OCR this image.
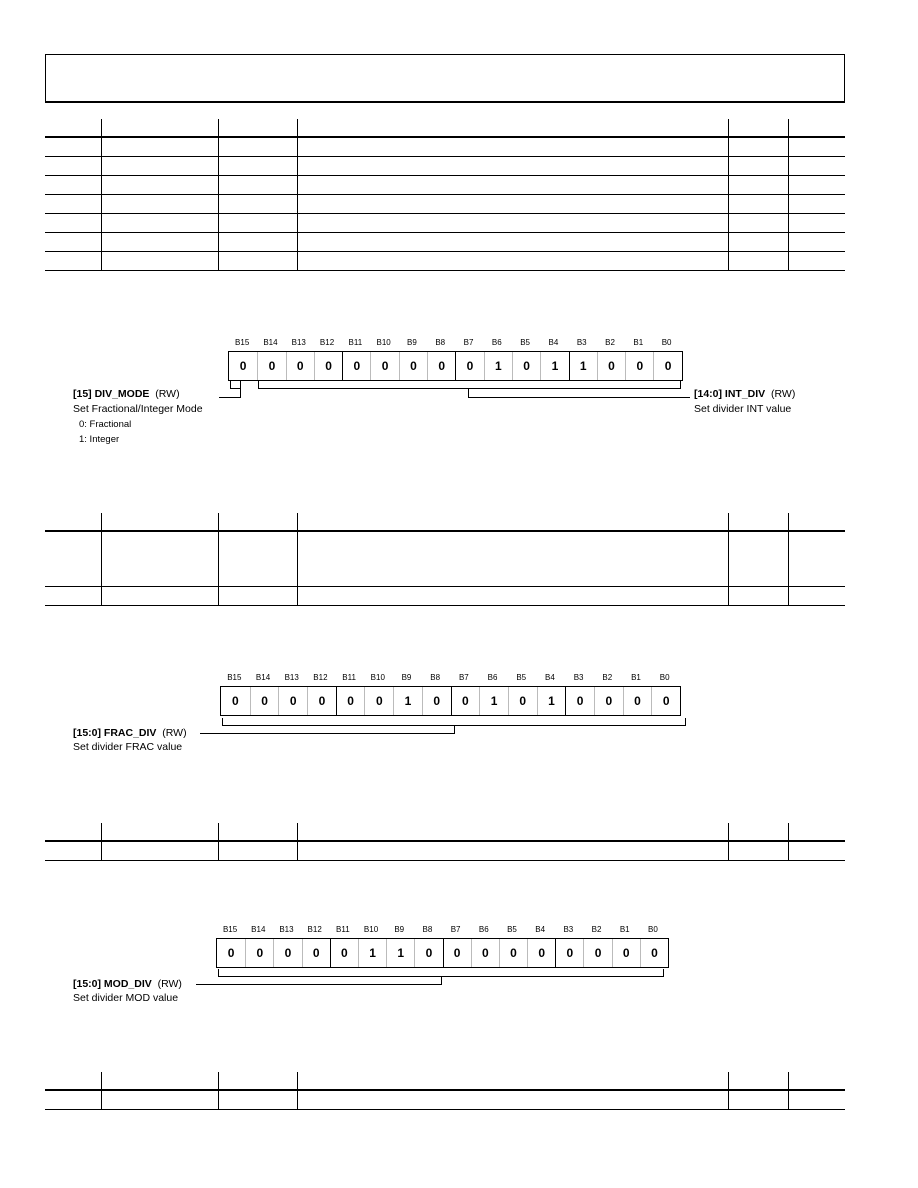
B15	B14	B13	B12	B11	B10	B9	B8	B7	B6	B5	B4	B3	B2	B1	B0
0	0	0	0	0	0	0	0	0	1	0	1	1	0	0	0
[15] DIV_MODE (RW)
Set Fractional/Integer Mode
0: Fractional
1: Integer
[14:0] INT_DIV (RW)
Set divider INT value

B15	B14	B13	B12	B11	B10	B9	B8	B7	B6	B5	B4	B3	B2	B1	B0
0	0	0	0	0	0	1	0	0	1	0	1	0	0	0	0
[15:0] FRAC_DIV (RW)
Set divider FRAC value

B15	B14	B13	B12	B11	B10	B9	B8	B7	B6	B5	B4	B3	B2	B1	B0
0	0	0	0	0	1	1	0	0	0	0	0	0	0	0	0
[15:0] MOD_DIV (RW)
Set divider MOD value
